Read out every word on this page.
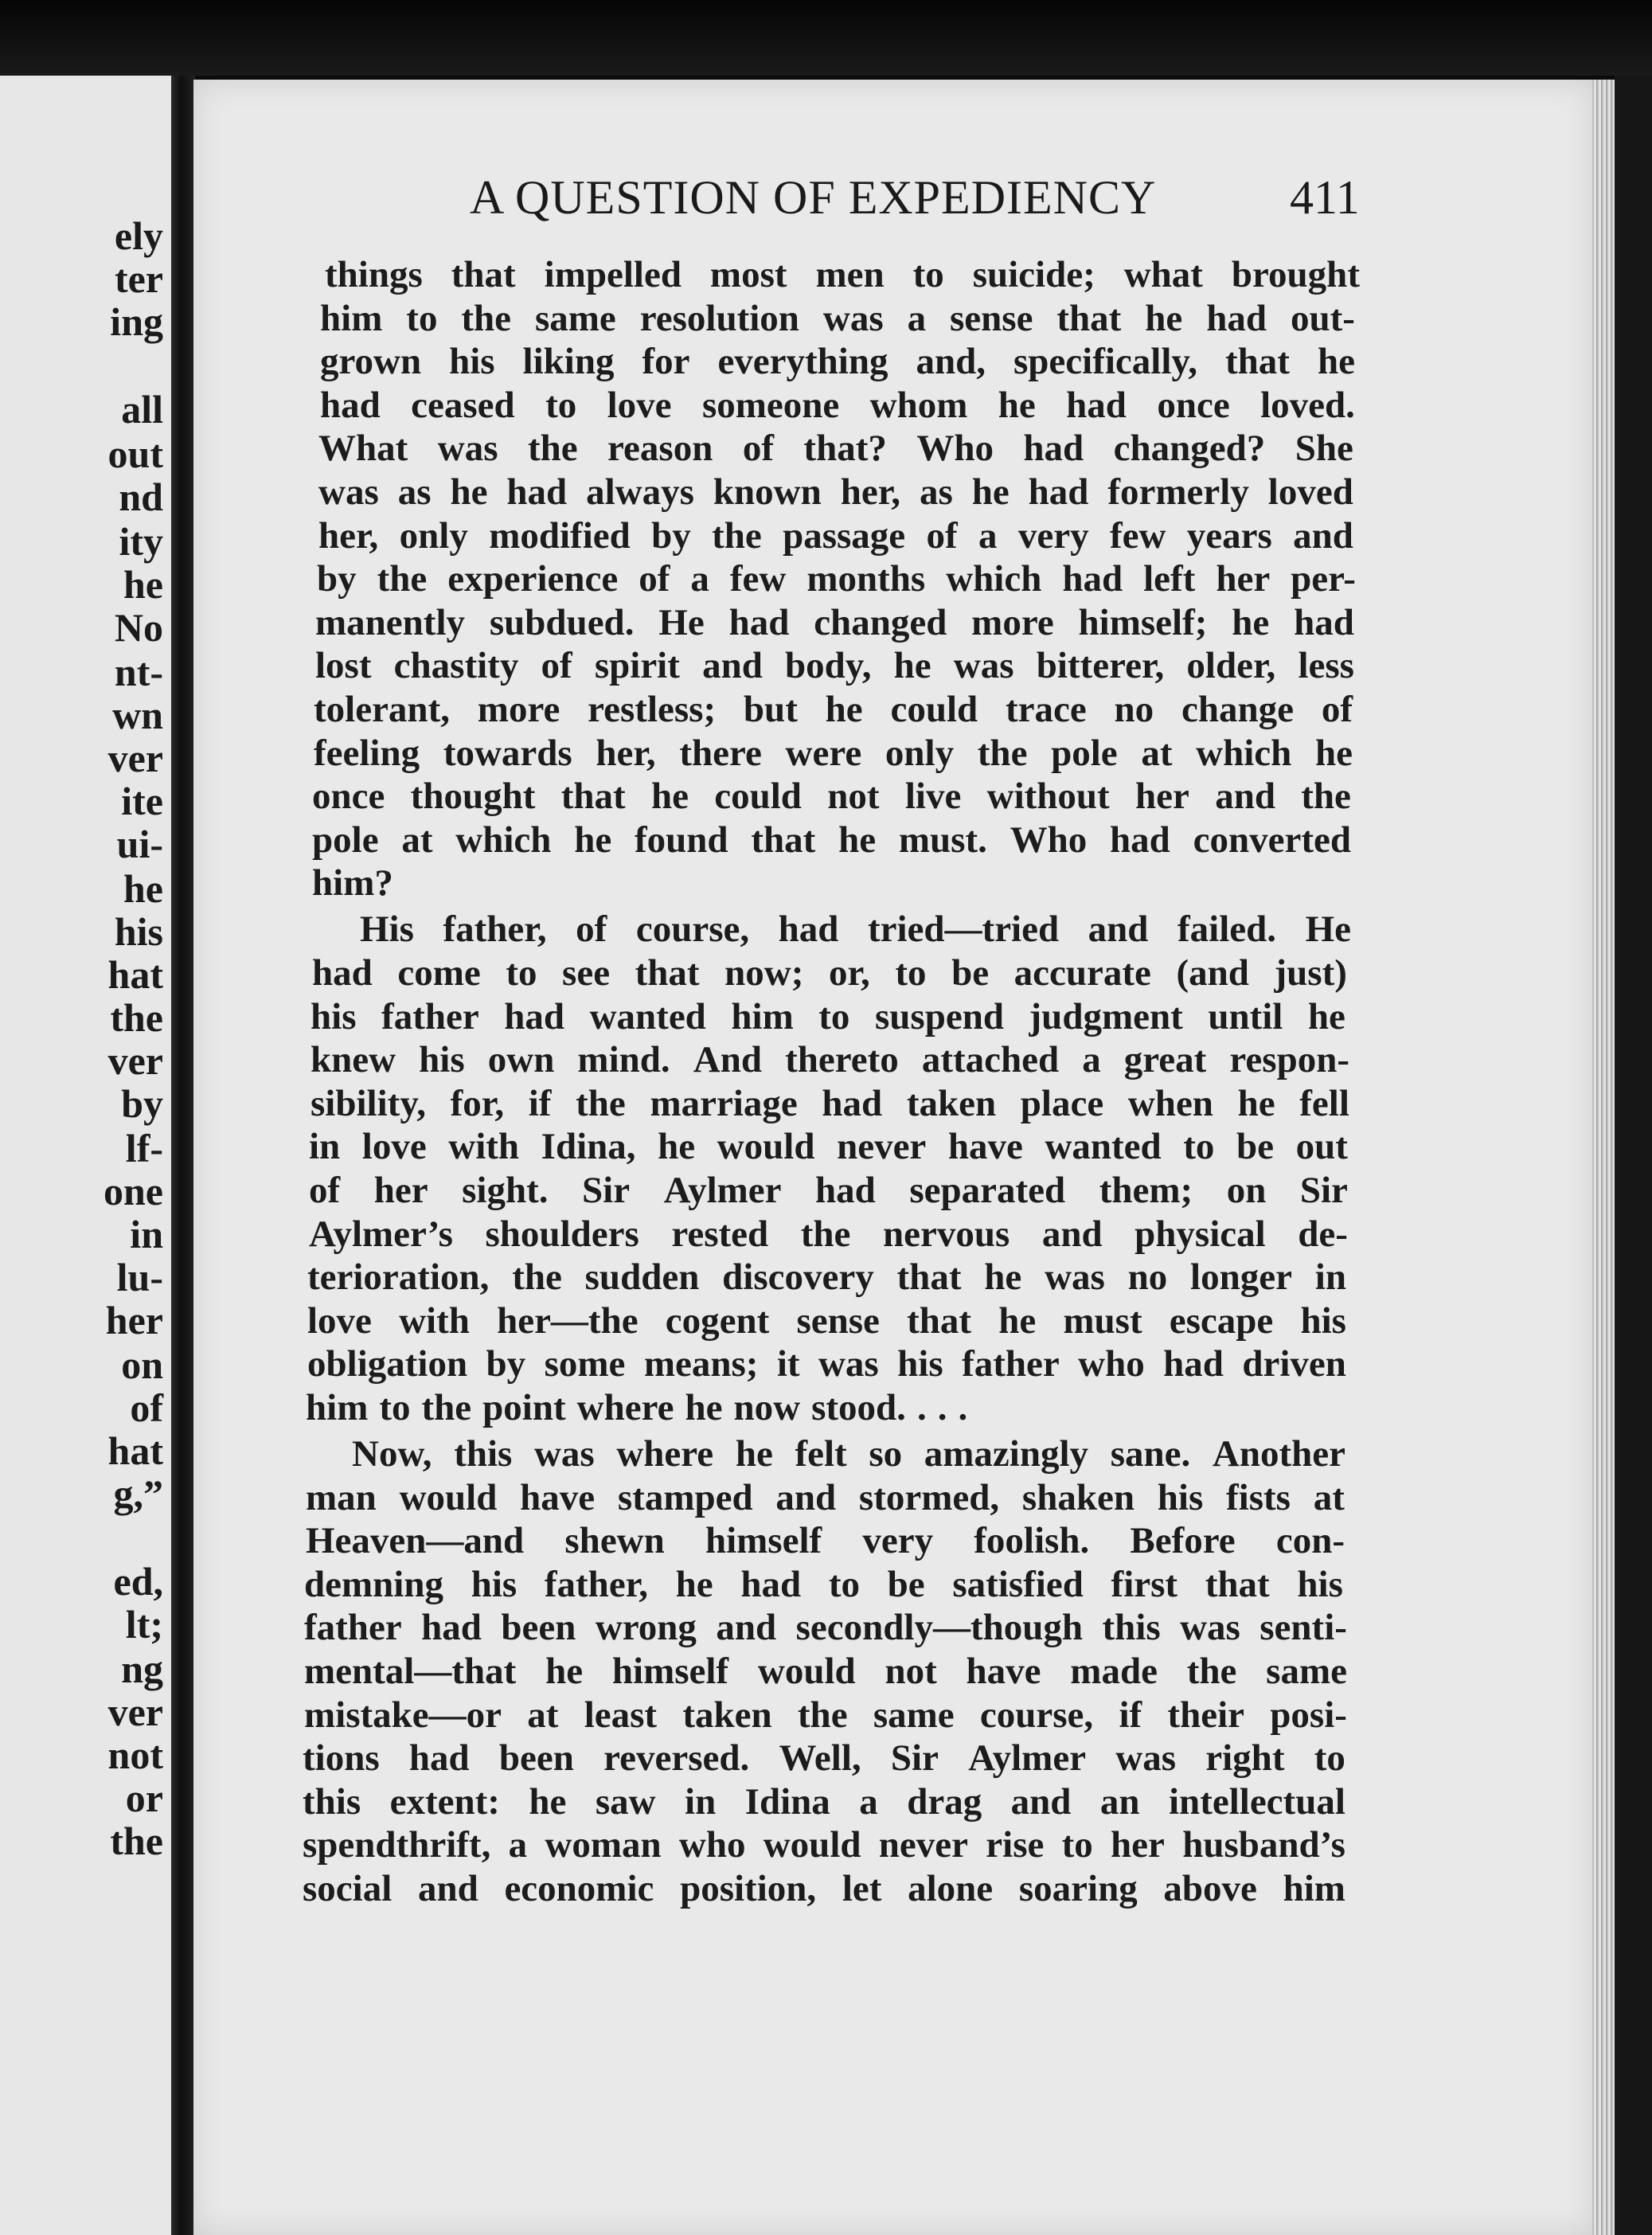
ely
ter
ing
all
out
nd
ity
he
No
nt-
wn
ver
ite
ui-
he
his
hat
the
ver
by
lf-
one
in
lu-
her
on
of
hat
g,”
ed,
lt;
ng
ver
not
or
the
A QUESTION OF EXPEDIENCY	411
things that impelled most men to suicide; what brought
him to the same resolution was a sense that he had out-
grown his liking for everything and, specifically, that he
had ceased to love someone whom he had once loved.
What was the reason of that? Who had changed? She
was as he had always known her, as he had formerly loved
her, only modified by the passage of a very few years and
by the experience of a few months which had left her per-
manently subdued. He had changed more himself; he had
lost chastity of spirit and body, he was bitterer, older, less
tolerant, more restless; but he could trace no change of
feeling towards her, there were only the pole at which he
once thought that he could not live without her and the
pole at which he found that he must. Who had converted
him?
His father, of course, had tried—tried and failed. He
had come to see that now; or, to be accurate (and just)
his father had wanted him to suspend judgment until he
knew his own mind. And thereto attached a great respon-
sibility, for, if the marriage had taken place when he fell
in love with Idina, he would never have wanted to be out
of her sight. Sir Aylmer had separated them; on Sir
Aylmer’s shoulders rested the nervous and physical de-
terioration, the sudden discovery that he was no longer in
love with her—the cogent sense that he must escape his
obligation by some means; it was his father who had driven
him to the point where he now stood. . . .
Now, this was where he felt so amazingly sane. Another
man would have stamped and stormed, shaken his fists at
Heaven—and shewn himself very foolish. Before con-
demning his father, he had to be satisfied first that his
father had been wrong and secondly—though this was senti-
mental—that he himself would not have made the same
mistake—or at least taken the same course, if their posi-
tions had been reversed. Well, Sir Aylmer was right to
this extent: he saw in Idina a drag and an intellectual
spendthrift, a woman who would never rise to her husband’s
social and economic position, let alone soaring above him
